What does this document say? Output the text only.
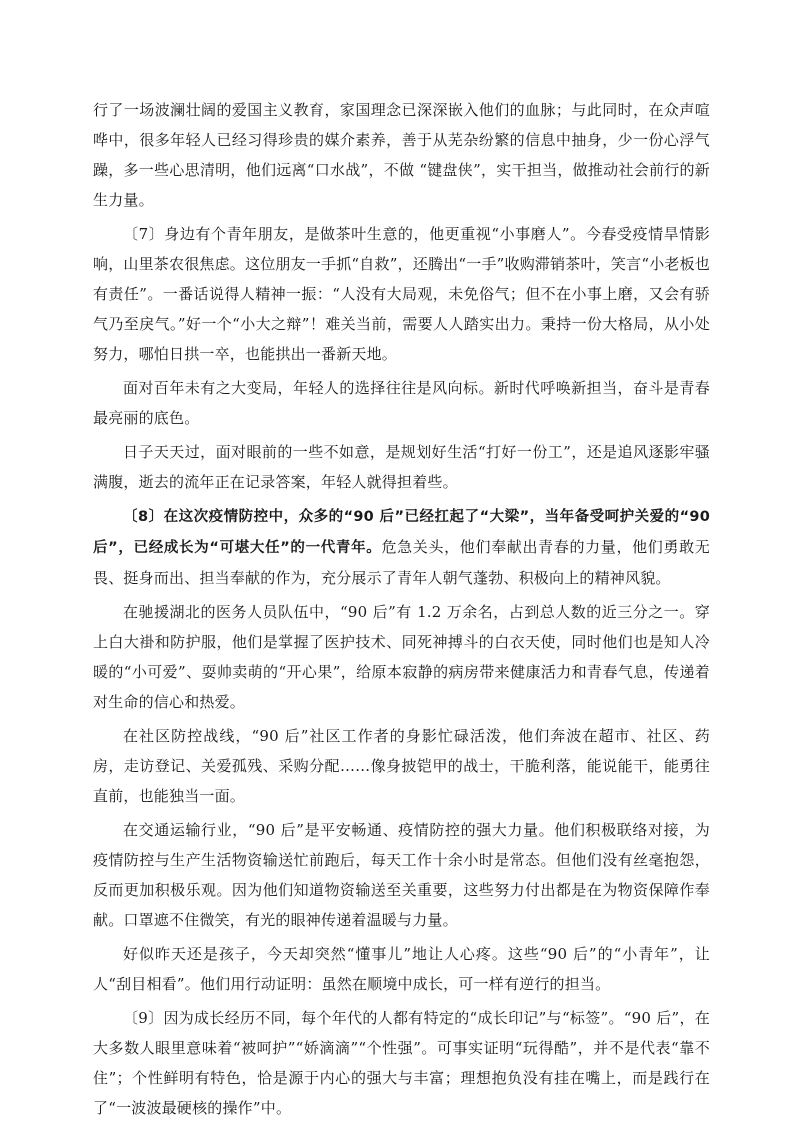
行了一场波澜壮阔的爱国主义教育，家国理念已深深嵌入他们的血脉；与此同时，在众声喧哗中，很多年轻人已经习得珍贵的媒介素养，善于从芜杂纷繁的信息中抽身，少一份心浮气躁，多一些心思清明，他们远离“口水战”，不做 “键盘侠”，实干担当，做推动社会前行的新生力量。

〔7〕身边有个青年朋友，是做茶叶生意的，他更重视“小事磨人”。今春受疫情旱情影响，山里茶农很焦虑。这位朋友一手抓“自救”，还腾出“一手”收购滞销茶叶，笑言“小老板也有责任”。一番话说得人精神一振：“人没有大局观，未免俗气；但不在小事上磨，又会有骄气乃至戾气。”好一个“小大之辩”！难关当前，需要人人踏实出力。秉持一份大格局，从小处努力，哪怕日拱一卒，也能拱出一番新天地。

面对百年未有之大变局，年轻人的选择往往是风向标。新时代呼唤新担当，奋斗是青春最亮丽的底色。

日子天天过，面对眼前的一些不如意，是规划好生活“打好一份工”，还是追风逐影牢骚满腹，逝去的流年正在记录答案，年轻人就得担着些。

〔8〕在这次疫情防控中，众多的“90 后”已经扛起了“大梁”，当年备受呵护关爱的“90 后”，已经成长为“可堪大任”的一代青年。危急关头，他们奉献出青春的力量，他们勇敢无畏、挺身而出、担当奉献的作为，充分展示了青年人朝气蓬勃、积极向上的精神风貌。

在驰援湖北的医务人员队伍中，“90 后”有 1.2 万余名，占到总人数的近三分之一。穿上白大褂和防护服，他们是掌握了医护技术、同死神搏斗的白衣天使，同时他们也是知人冷暖的“小可爱”、耍帅卖萌的“开心果”，给原本寂静的病房带来健康活力和青春气息，传递着对生命的信心和热爱。

在社区防控战线，“90 后”社区工作者的身影忙碌活泼，他们奔波在超市、社区、药房，走访登记、关爱孤残、采购分配……像身披铠甲的战士，干脆利落，能说能干，能勇往直前，也能独当一面。

在交通运输行业，“90 后”是平安畅通、疫情防控的强大力量。他们积极联络对接，为疫情防控与生产生活物资输送忙前跑后，每天工作十余小时是常态。但他们没有丝毫抱怨，反而更加积极乐观。因为他们知道物资输送至关重要，这些努力付出都是在为物资保障作奉献。口罩遮不住微笑，有光的眼神传递着温暖与力量。

好似昨天还是孩子，今天却突然“懂事儿”地让人心疼。这些“90 后”的“小青年”，让人“刮目相看”。他们用行动证明：虽然在顺境中成长，可一样有逆行的担当。

〔9〕因为成长经历不同，每个年代的人都有特定的“成长印记”与“标签”。“90 后”，在大多数人眼里意味着“被呵护”“娇滴滴”“个性强”。可事实证明“玩得酷”，并不是代表“靠不住”；个性鲜明有特色，恰是源于内心的强大与丰富；理想抱负没有挂在嘴上，而是践行在了“一波波最硬核的操作”中。
